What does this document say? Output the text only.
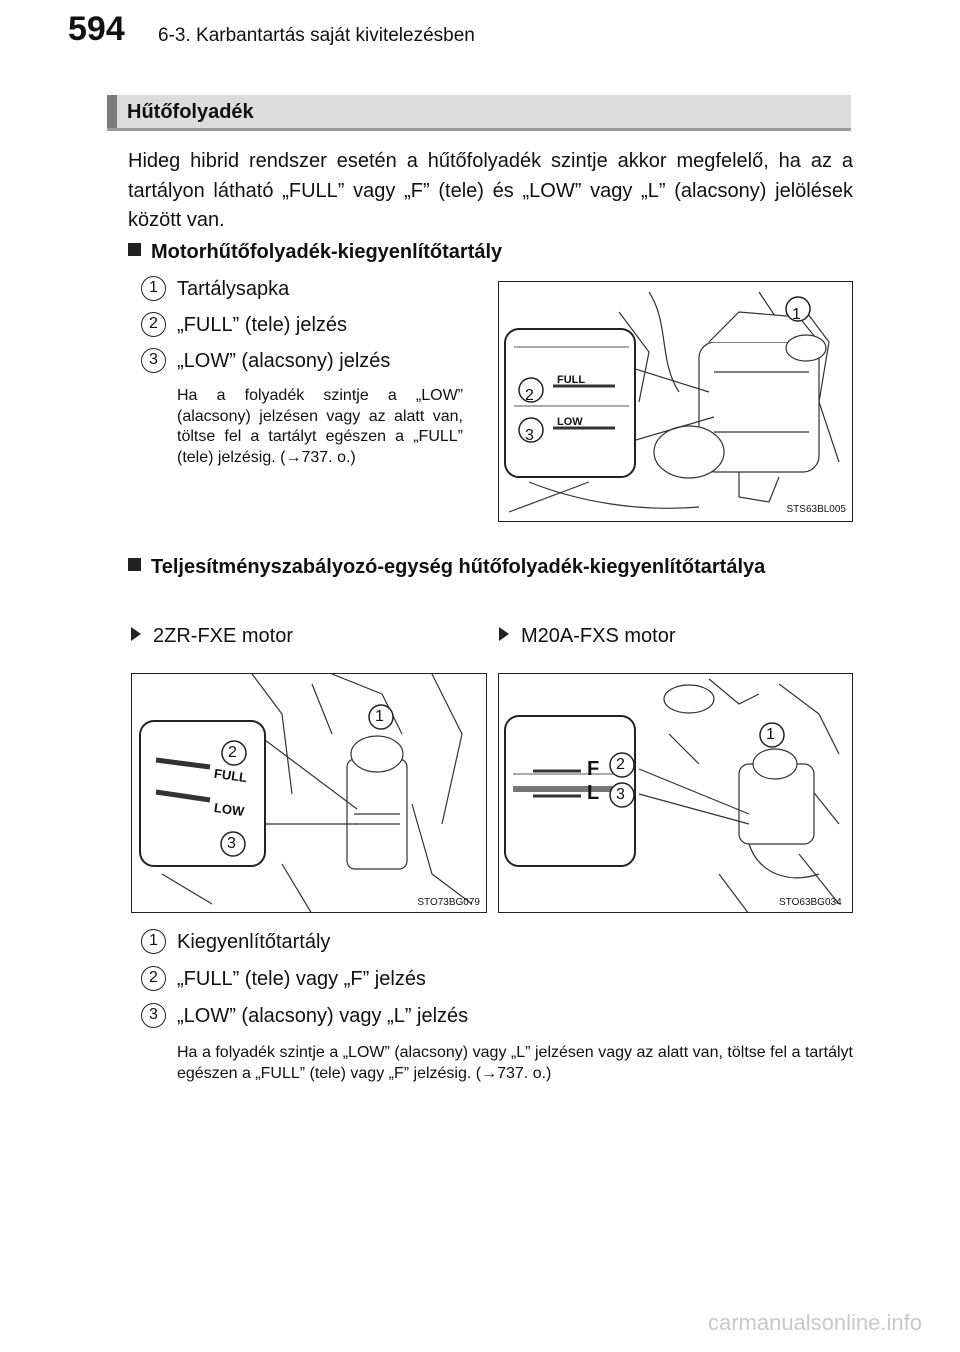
594 6-3. Karbantartás saját kivitelezésben
Hűtőfolyadék
Hideg hibrid rendszer esetén a hűtőfolyadék szintje akkor megfelelő, ha az a tartályon látható „FULL” vagy „F” (tele) és „LOW” vagy „L” (alacsony) jelölések között van.
Motorhűtőfolyadék-kiegyenlítőtartály
1 Tartálysapka
2 „FULL” (tele) jelzés
3 „LOW” (alacsony) jelzés
Ha a folyadék szintje a „LOW” (alacsony) jelzésen vagy az alatt van, töltse fel a tartályt egészen a „FULL” (tele) jelzésig. (→737. o.)
1
2
3
FULL
LOW
STS63BL005
Teljesítményszabályozó-egység hűtőfolyadék-kiegyenlítőtartálya
2ZR-FXE motor	M20A-FXS motor
1
2
3
FULL
LOW
STO73BG079
1
2
3
F
L
STO63BG034
1 Kiegyenlítőtartály
2 „FULL” (tele) vagy „F” jelzés
3 „LOW” (alacsony) vagy „L” jelzés
Ha a folyadék szintje a „LOW” (alacsony) vagy „L” jelzésen vagy az alatt van, töltse fel a tartályt egészen a „FULL” (tele) vagy „F” jelzésig. (→737. o.)
carmanualsonline.info
